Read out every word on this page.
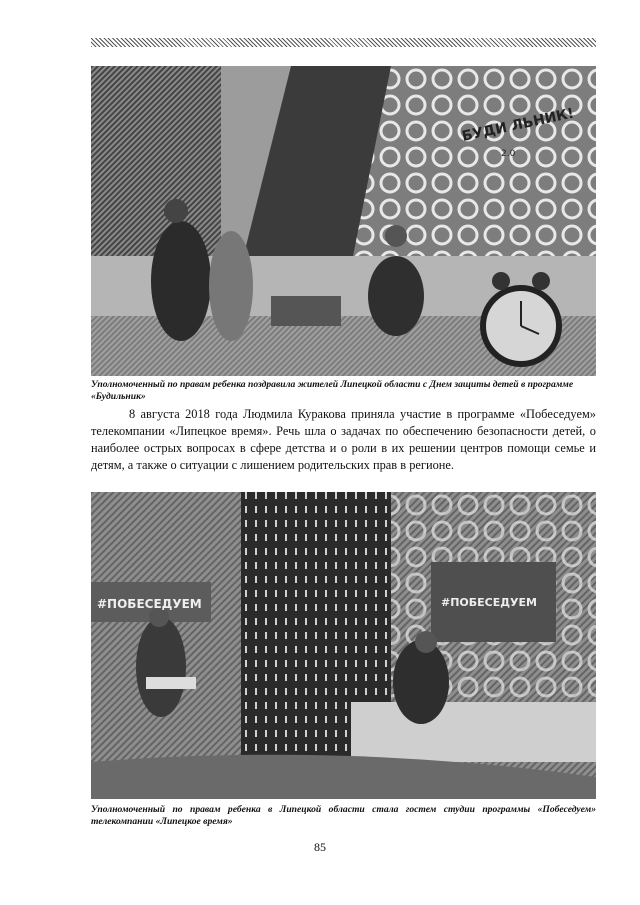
БУДИ ЛЬНИК!
2.0
Уполномоченный по правам ребенка поздравила жителей Липецкой области с Днем защиты детей в программе «Будильник»
8 августа 2018 года Людмила Куракова приняла участие в программе «Побеседуем» телекомпании «Липецкое время». Речь шла о задачах по обеспечению безопасности детей, о наиболее острых вопросах в сфере детства и о роли в их решении центров помощи семье и детям, а также о ситуации с лишением родительских прав в регионе.
#ПОБЕСЕДУЕМ	#ПОБЕСЕДУЕМ
Уполномоченный по правам ребенка в Липецкой области стала гостем студии программы «Побеседуем» телекомпании «Липецкое время»
85
